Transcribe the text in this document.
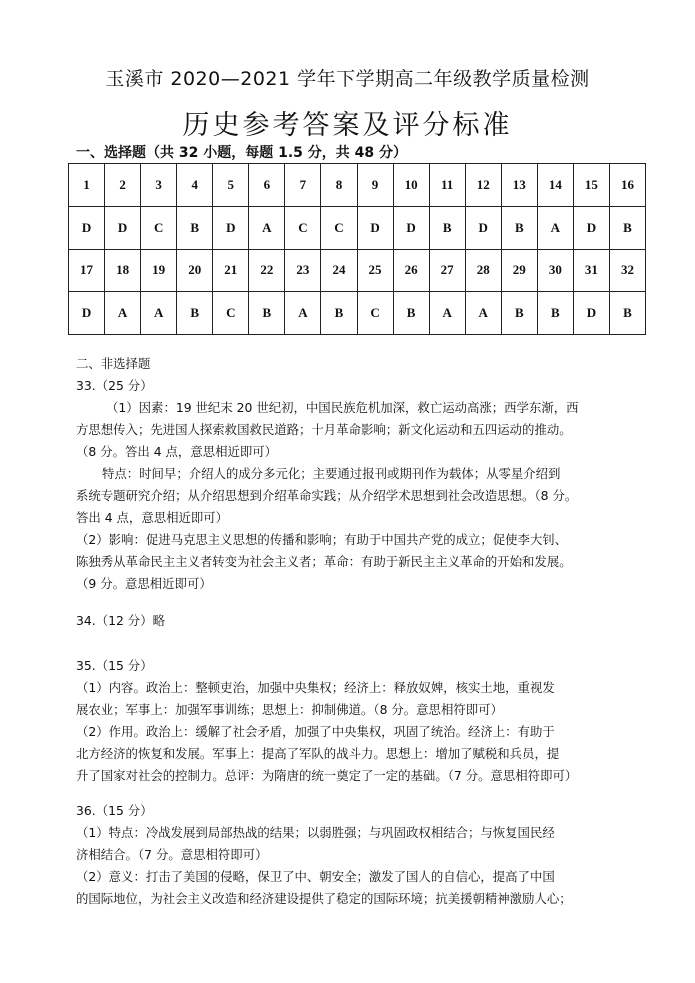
玉溪市 2020—2021 学年下学期高二年级教学质量检测
历史参考答案及评分标准
一、选择题（共 32 小题，每题 1.5 分，共 48 分）
1	2	3	4	5	6	7	8	9	10	11	12	13	14	15	16
D	D	C	B	D	A	C	C	D	D	B	D	B	A	D	B
17	18	19	20	21	22	23	24	25	26	27	28	29	30	31	32
D	A	A	B	C	B	A	B	C	B	A	A	B	B	D	B
二、非选择题
33.（25 分）
（1）因素：19 世纪末 20 世纪初，中国民族危机加深，救亡运动高涨；西学东渐，西
方思想传入；先进国人探索救国救民道路；十月革命影响；新文化运动和五四运动的推动。
（8 分。答出 4 点，意思相近即可）
特点：时间早；介绍人的成分多元化；主要通过报刊或期刊作为载体；从零星介绍到
系统专题研究介绍；从介绍思想到介绍革命实践；从介绍学术思想到社会改造思想。（8 分。
答出 4 点，意思相近即可）
（2）影响：促进马克思主义思想的传播和影响；有助于中国共产党的成立；促使李大钊、
陈独秀从革命民主主义者转变为社会主义者；革命：有助于新民主主义革命的开始和发展。
（9 分。意思相近即可）
34.（12 分）略
35.（15 分）
（1）内容。政治上：整顿吏治，加强中央集权；经济上：释放奴婢，核实土地，重视发
展农业；军事上：加强军事训练；思想上：抑制佛道。（8 分。意思相符即可）
（2）作用。政治上：缓解了社会矛盾，加强了中央集权，巩固了统治。经济上：有助于
北方经济的恢复和发展。军事上：提高了军队的战斗力。思想上：增加了赋税和兵员，提
升了国家对社会的控制力。总评：为隋唐的统一奠定了一定的基础。（7 分。意思相符即可）
36.（15 分）
（1）特点：冷战发展到局部热战的结果；以弱胜强；与巩固政权相结合；与恢复国民经
济相结合。（7 分。意思相符即可）
（2）意义：打击了美国的侵略，保卫了中、朝安全；激发了国人的自信心，提高了中国
的国际地位，为社会主义改造和经济建设提供了稳定的国际环境；抗美援朝精神激励人心；
